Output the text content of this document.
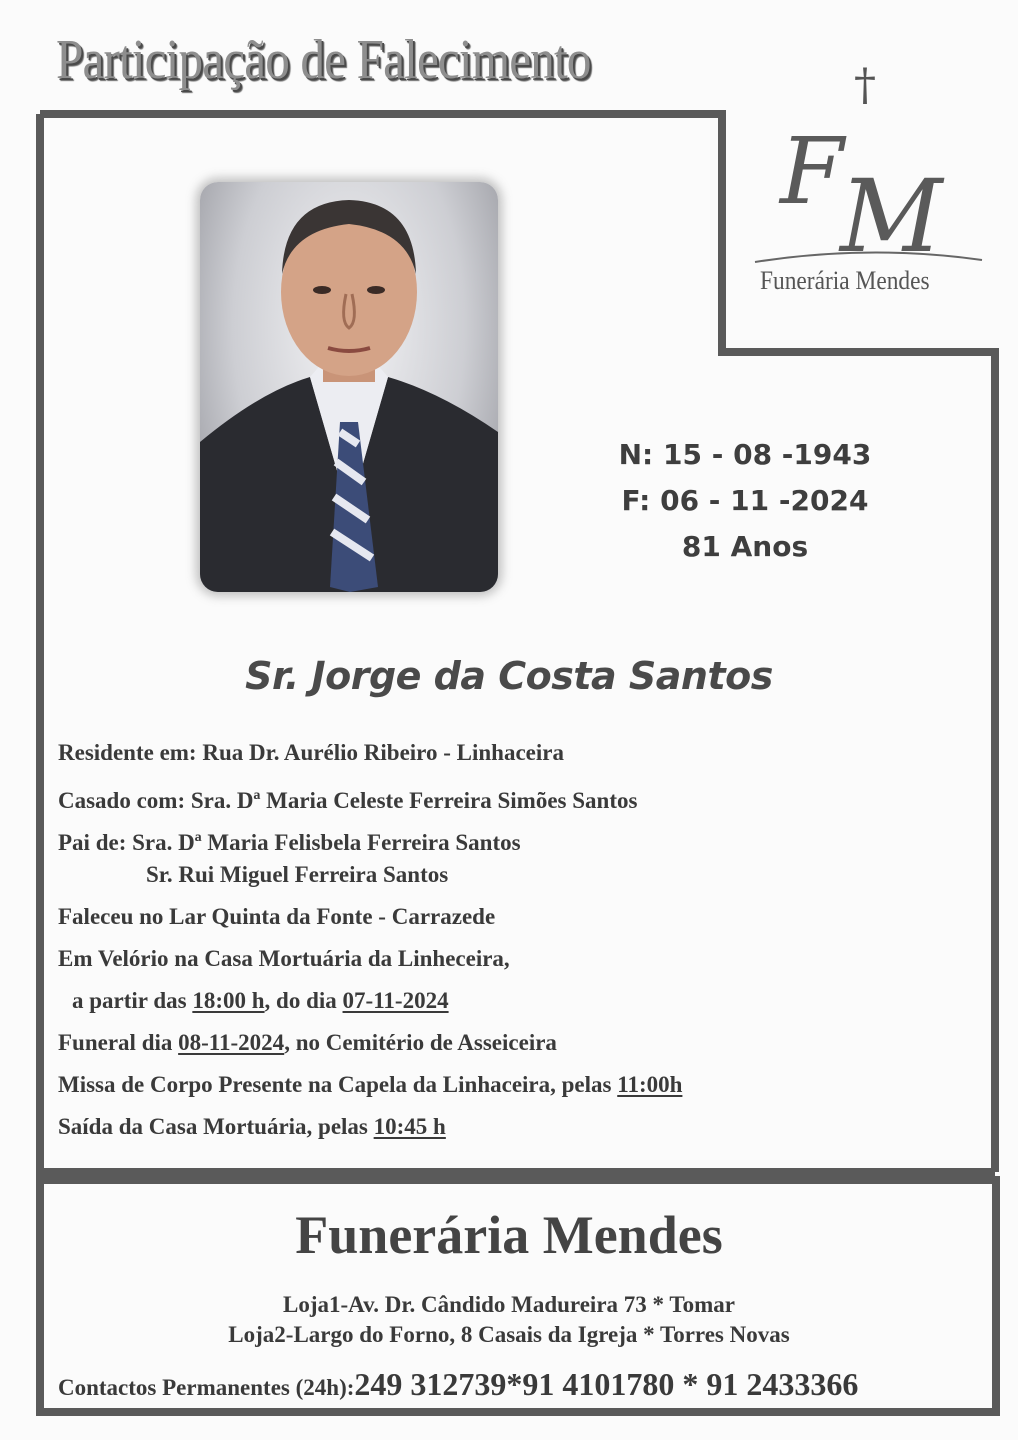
Participação de Falecimento	†
F
M
Funerária Mendes
N: 15 - 08 -1943
F: 06 - 11 -2024
81 Anos
Sr. Jorge da Costa Santos
Residente em: Rua Dr. Aurélio Ribeiro - Linhaceira
Casado com: Sra. Dª Maria Celeste Ferreira Simões Santos
Pai de: Sra. Dª Maria Felisbela Ferreira Santos
Sr. Rui Miguel Ferreira Santos
Faleceu no Lar Quinta da Fonte - Carrazede
Em Velório na Casa Mortuária da Linheceira,
a partir das 18:00 h, do dia 07-11-2024
Funeral dia 08-11-2024, no Cemitério de Asseiceira
Missa de Corpo Presente na Capela da Linhaceira, pelas 11:00h
Saída da Casa Mortuária, pelas 10:45 h
Funerária Mendes
Loja1-Av. Dr. Cândido Madureira 73 * Tomar
Loja2-Largo do Forno, 8 Casais da Igreja * Torres Novas
Contactos Permanentes (24h):249 312739*91 4101780 * 91 2433366
